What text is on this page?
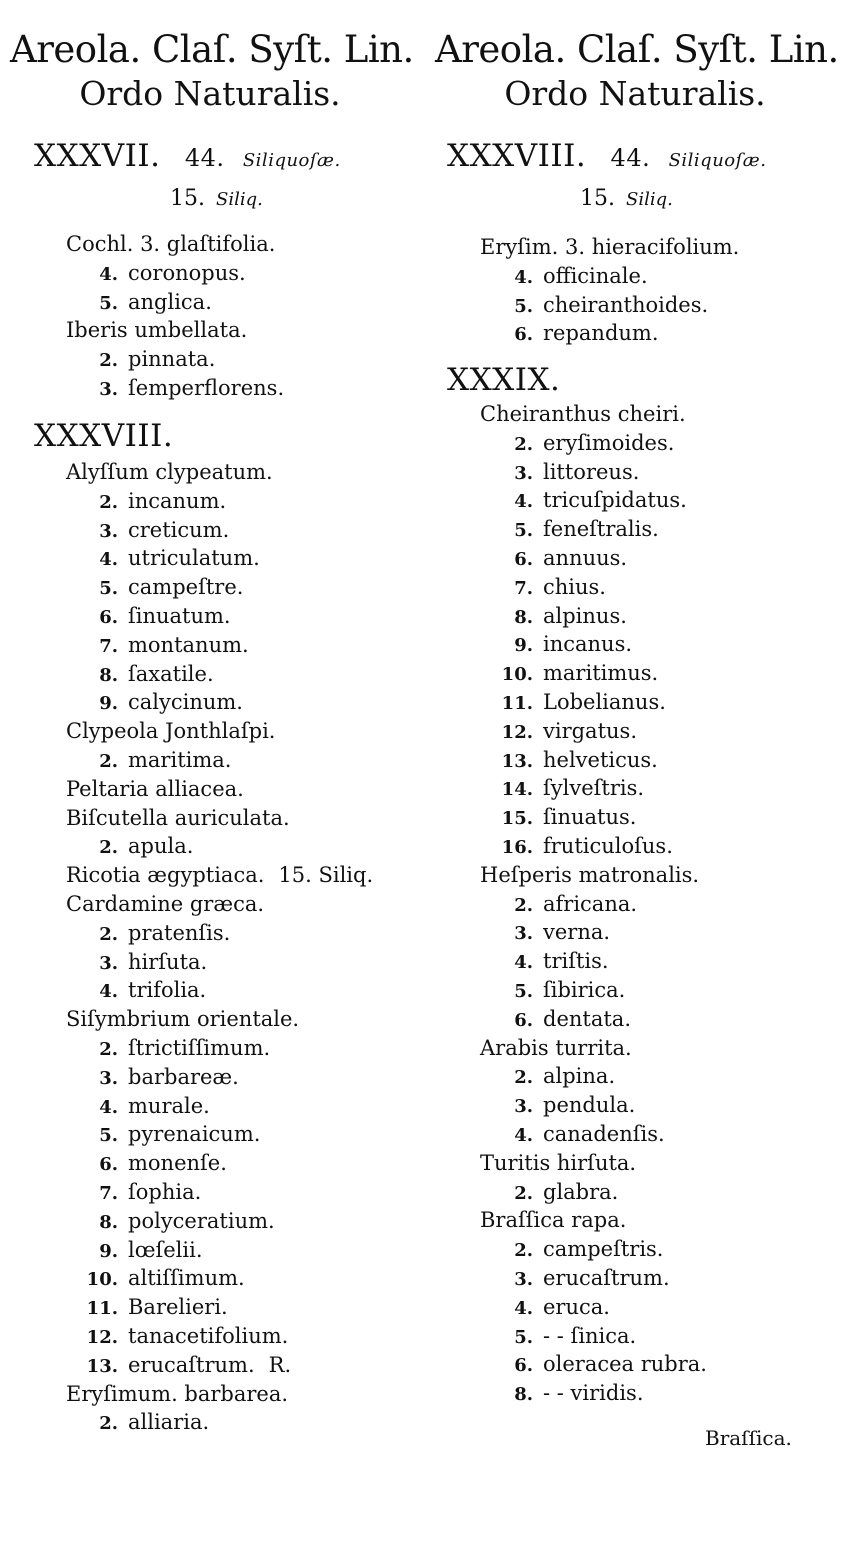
Areola. Claſ. Syſt. Lin.
Ordo Naturalis.
XXXVII. 44. Siliquoſæ.
15. Siliq.
XXXVIII.
Cochl. 3. glaſtifolia.
4. coronopus.
5. anglica.
Iberis umbellata.
2. pinnata.
3. ſemperflorens.
Alyſſum clypeatum.
2. incanum.
3. creticum.
4. utriculatum.
5. campeſtre.
6. ſinuatum.
7. montanum.
8. ſaxatile.
9. calycinum.
Clypeola Jonthlaſpi.
2. maritima.
Peltaria alliacea.
Biſcutella auriculata.
2. apula.
Ricotia ægyptiaca. 15. Siliq.
Cardamine græca.
2. pratenſis.
3. hirſuta.
4. trifolia.
Siſymbrium orientale.
2. ſtrictiſſimum.
3. barbareæ.
4. murale.
5. pyrenaicum.
6. monenſe.
7. ſophia.
8. polyceratium.
9. lœſelii.
10. altiſſimum.
11. Barelieri.
12. tanacetifolium.
13. erucaſtrum. R.
Eryſimum. barbarea.
2. alliaria.
Areola. Claſ. Syſt. Lin.
Ordo Naturalis.
XXXVIII. 44. Siliquoſæ.
15. Siliq.
XXXIX.
Eryſim. 3. hieracifolium.
4. officinale.
5. cheiranthoides.
6. repandum.
Cheiranthus cheiri.
2. eryſimoides.
3. littoreus.
4. tricuſpidatus.
5. feneſtralis.
6. annuus.
7. chius.
8. alpinus.
9. incanus.
10. maritimus.
11. Lobelianus.
12. virgatus.
13. helveticus.
14. ſylveſtris.
15. ſinuatus.
16. fruticuloſus.
Heſperis matronalis.
2. africana.
3. verna.
4. triſtis.
5. ſibirica.
6. dentata.
Arabis turrita.
2. alpina.
3. pendula.
4. canadenſis.
Turitis hirſuta.
2. glabra.
Braſſica rapa.
2. campeſtris.
3. erucaſtrum.
4. eruca.
5. - - ſinica.
6. oleracea rubra.
8. - - viridis.
Braſſica.
